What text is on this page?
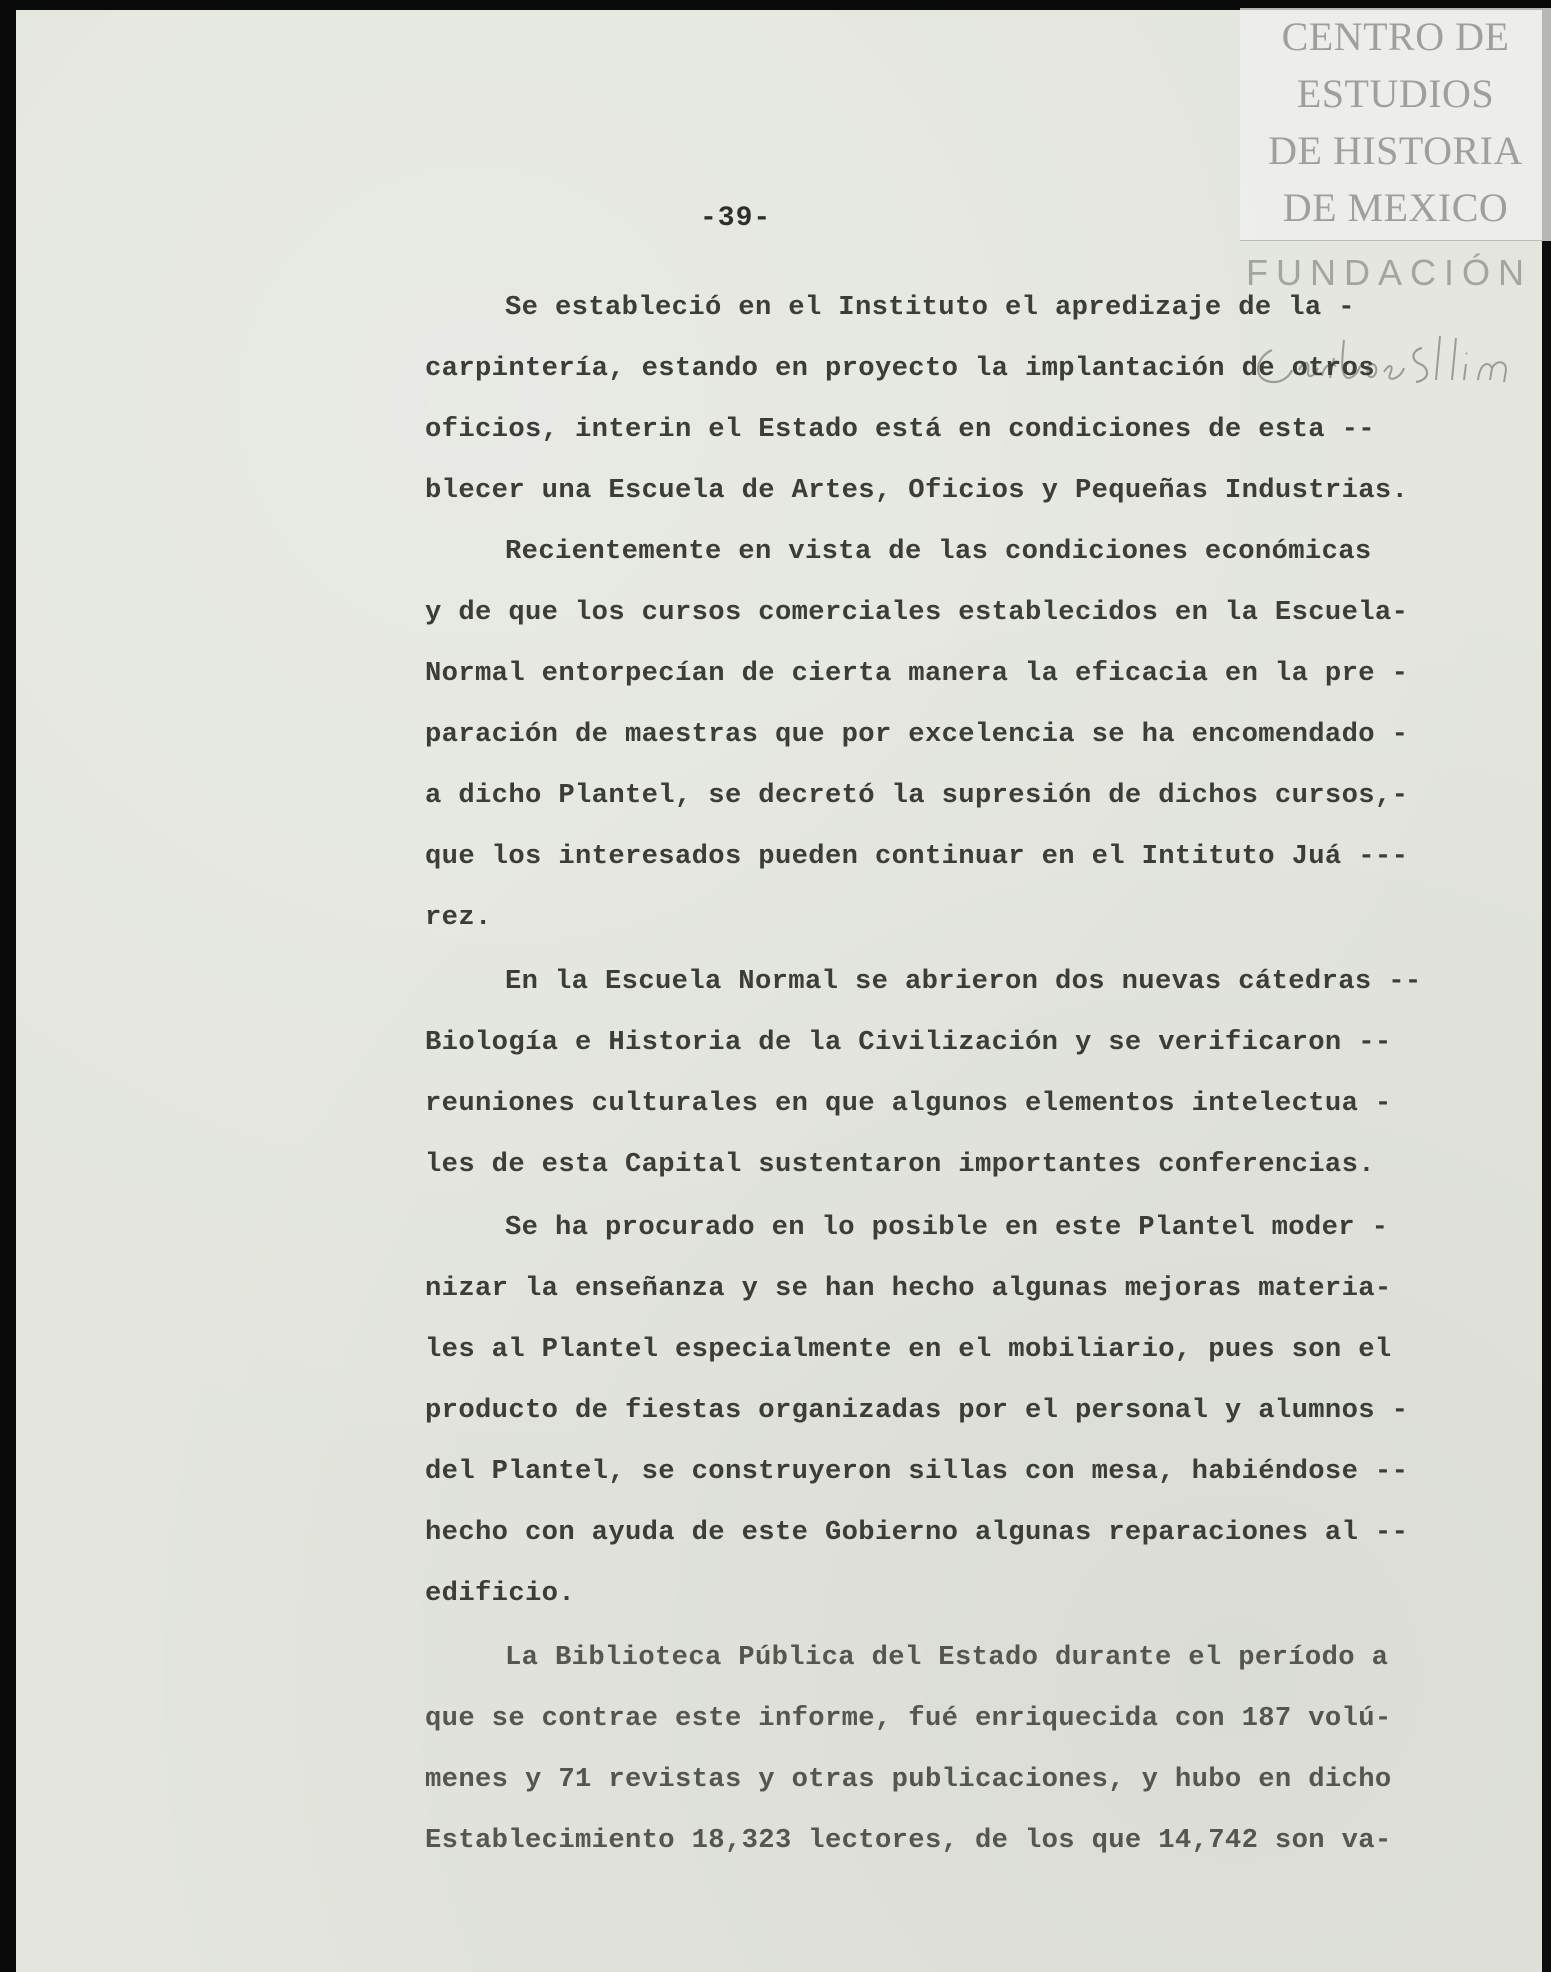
CENTRO DE
ESTUDIOS
DE HISTORIA
DE MEXICO
FUNDACIÓN
-39-
Se estableció en el Instituto el apredizaje de la -
carpintería, estando en proyecto la implantación de otros
oficios, interin el Estado está en condiciones de esta --
blecer una Escuela de Artes, Oficios y Pequeñas Industrias.
Recientemente en vista de las condiciones económicas
y de que los cursos comerciales establecidos en la Escuela-
Normal entorpecían de cierta manera la eficacia en la pre -
paración de maestras que por excelencia se ha encomendado -
a dicho Plantel, se decretó la supresión de dichos cursos,-
que los interesados pueden continuar en el Intituto Juá ---
rez.
En la Escuela Normal se abrieron dos nuevas cátedras --
Biología e Historia de la Civilización y se verificaron --
reuniones culturales en que algunos elementos intelectua -
les de esta Capital sustentaron importantes conferencias.
Se ha procurado en lo posible en este Plantel moder -
nizar la enseñanza y se han hecho algunas mejoras materia-
les al Plantel especialmente en el mobiliario, pues son el
producto de fiestas organizadas por el personal y alumnos -
del Plantel, se construyeron sillas con mesa, habiéndose --
hecho con ayuda de este Gobierno algunas reparaciones al --
edificio.
La Biblioteca Pública del Estado durante el período a
que se contrae este informe, fué enriquecida con 187 volú-
menes y 71 revistas y otras publicaciones, y hubo en dicho
Establecimiento 18,323 lectores, de los que 14,742 son va-
